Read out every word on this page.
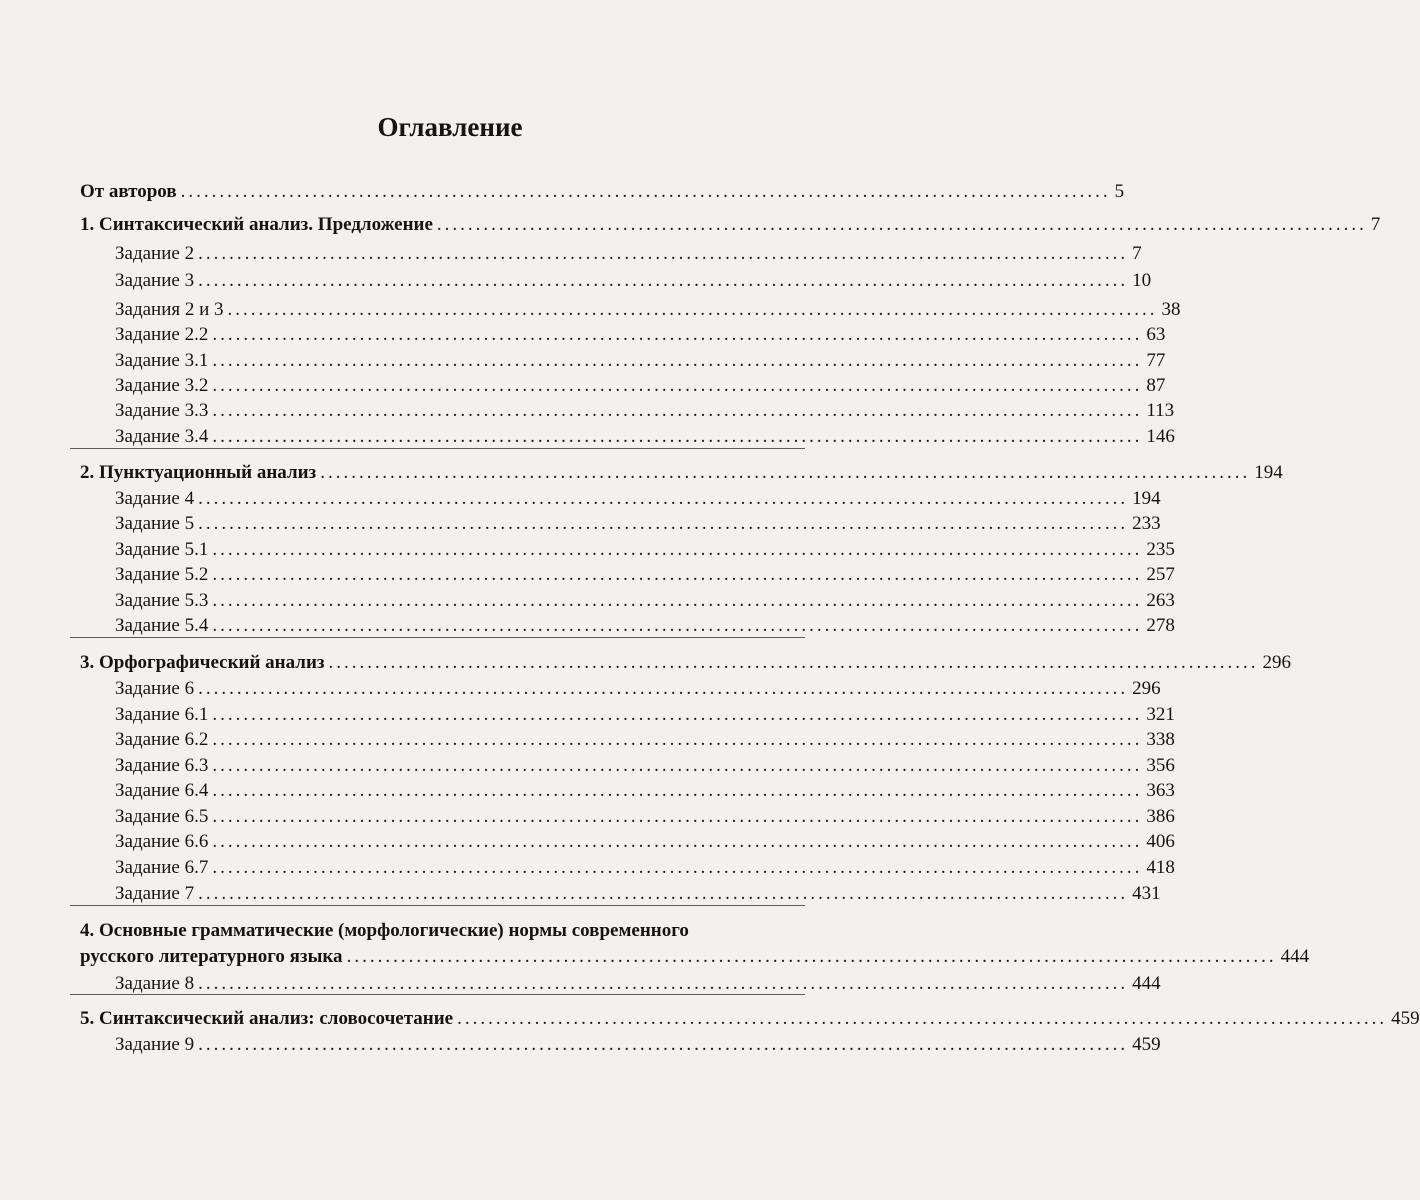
Оглавление
От авторов ........................................................................................................................ 5
1. Синтаксический анализ. Предложение ........................................................................................................................ 7
Задание 2 ........................................................................................................................ 7
Задание 3 ........................................................................................................................ 10
Задания 2 и 3 ........................................................................................................................ 38
Задание 2.2 ........................................................................................................................ 63
Задание 3.1 ........................................................................................................................ 77
Задание 3.2 ........................................................................................................................ 87
Задание 3.3 ........................................................................................................................ 113
Задание 3.4 ........................................................................................................................ 146
2. Пунктуационный анализ ........................................................................................................................ 194
Задание 4 ........................................................................................................................ 194
Задание 5 ........................................................................................................................ 233
Задание 5.1 ........................................................................................................................ 235
Задание 5.2 ........................................................................................................................ 257
Задание 5.3 ........................................................................................................................ 263
Задание 5.4 ........................................................................................................................ 278
3. Орфографический анализ ........................................................................................................................ 296
Задание 6 ........................................................................................................................ 296
Задание 6.1 ........................................................................................................................ 321
Задание 6.2 ........................................................................................................................ 338
Задание 6.3 ........................................................................................................................ 356
Задание 6.4 ........................................................................................................................ 363
Задание 6.5 ........................................................................................................................ 386
Задание 6.6 ........................................................................................................................ 406
Задание 6.7 ........................................................................................................................ 418
Задание 7 ........................................................................................................................ 431
4. Основные грамматические (морфологические) нормы современного
русского литературного языка ........................................................................................................................ 444
Задание 8 ........................................................................................................................ 444
5. Синтаксический анализ: словосочетание ........................................................................................................................ 459
Задание 9 ........................................................................................................................ 459
